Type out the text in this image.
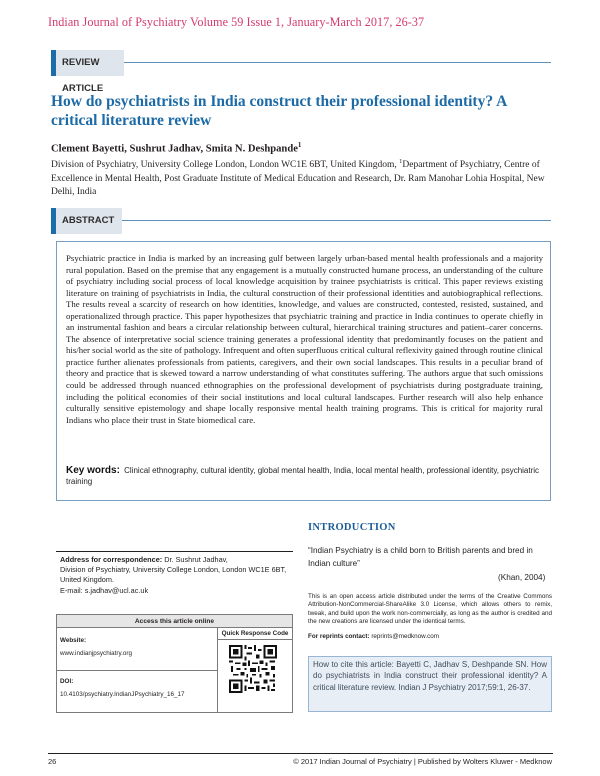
Indian Journal of Psychiatry Volume 59 Issue 1, January-March 2017, 26-37
REVIEW ARTICLE
How do psychiatrists in India construct their professional identity? A critical literature review
Clement Bayetti, Sushrut Jadhav, Smita N. Deshpande$^1$
Division of Psychiatry, University College London, London WC1E 6BT, United Kingdom, $^1$Department of Psychiatry, Centre of Excellence in Mental Health, Post Graduate Institute of Medical Education and Research, Dr. Ram Manohar Lohia Hospital, New Delhi, India
ABSTRACT
Psychiatric practice in India is marked by an increasing gulf between largely urban-based mental health professionals and a majority rural population. Based on the premise that any engagement is a mutually constructed humane process, an understanding of the culture of psychiatry including social process of local knowledge acquisition by trainee psychiatrists is critical. This paper reviews existing literature on training of psychiatrists in India, the cultural construction of their professional identities and autobiographical reflections. The results reveal a scarcity of research on how identities, knowledge, and values are constructed, contested, resisted, sustained, and operationalized through practice. This paper hypothesizes that psychiatric training and practice in India continues to operate chiefly in an instrumental fashion and bears a circular relationship between cultural, hierarchical training structures and patient–carer concerns. The absence of interpretative social science training generates a professional identity that predominantly focuses on the patient and his/her social world as the site of pathology. Infrequent and often superfluous critical cultural reflexivity gained through routine clinical practice further alienates professionals from patients, caregivers, and their own social landscapes. This results in a peculiar brand of theory and practice that is skewed toward a narrow understanding of what constitutes suffering. The authors argue that such omissions could be addressed through nuanced ethnographies on the professional development of psychiatrists during postgraduate training, including the political economies of their social institutions and local cultural landscapes. Further research will also help enhance culturally sensitive epistemology and shape locally responsive mental health training programs. This is critical for majority rural Indians who place their trust in State biomedical care.
Key words: Clinical ethnography, cultural identity, global mental health, India, local mental health, professional identity, psychiatric training
INTRODUCTION
“Indian Psychiatry is a child born to British parents and bred in Indian culture”
(Khan, 2004)
Address for correspondence: Dr. Sushrut Jadhav,
Division of Psychiatry, University College London, London WC1E 6BT, United Kingdom.
E-mail: s.jadhav@ucl.ac.uk
Access this article online
Quick Response Code
Website:
www.indianjpsychiatry.org
DOI:
10.4103/psychiatry.IndianJPsychiatry_16_17
This is an open access article distributed under the terms of the Creative Commons Attribution-NonCommercial-ShareAlike 3.0 License, which allows others to remix, tweak, and build upon the work non-commercially, as long as the author is credited and the new creations are licensed under the identical terms.
For reprints contact: reprints@medknow.com
How to cite this article: Bayetti C, Jadhav S, Deshpande SN. How do psychiatrists in India construct their professional identity? A critical literature review. Indian J Psychiatry 2017;59:1, 26-37.
26	© 2017 Indian Journal of Psychiatry | Published by Wolters Kluwer - Medknow
